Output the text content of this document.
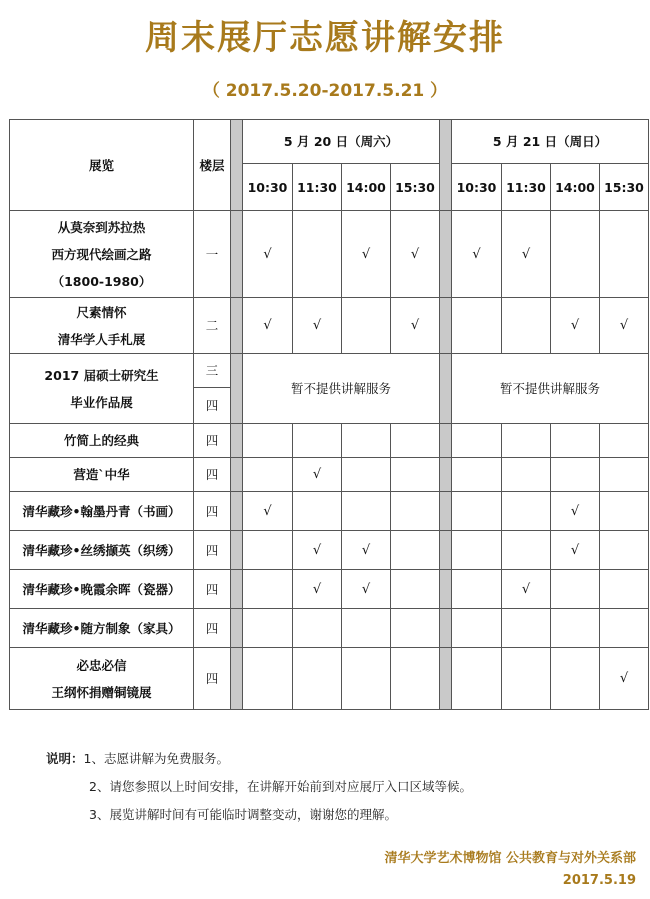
周末展厅志愿讲解安排
（ 2017.5.20-2017.5.21 ）
展览	楼层		5 月 20 日（周六）					5 月 21 日（周日）			
			10:30	11:30	14:00	15:30		10:30	11:30	14:00	15:30

从莫奈到苏拉热
西方现代绘画之路
（1800-1980）	一		√		√	√		√	√		

尺素情怀
清华学人手札展	二		√	√		√				√	√

2017 届硕士研究生
毕业作品展	三		暂不提供讲解服务					暂不提供讲解服务			
	四										

竹简上的经典	四										

营造`中华	四			√							

清华藏珍•翰墨丹青（书画）	四		√							√	

清华藏珍•丝绣撷英（织绣）	四			√	√					√	

清华藏珍•晚霞余晖（瓷器）	四			√	√				√		

清华藏珍•随方制象（家具）	四										

必忠必信
王纲怀捐赠铜镜展	四										√
说明：1、志愿讲解为免费服务。
2、请您参照以上时间安排，在讲解开始前到对应展厅入口区域等候。
3、展览讲解时间有可能临时调整变动，谢谢您的理解。
清华大学艺术博物馆 公共教育与对外关系部
2017.5.19
